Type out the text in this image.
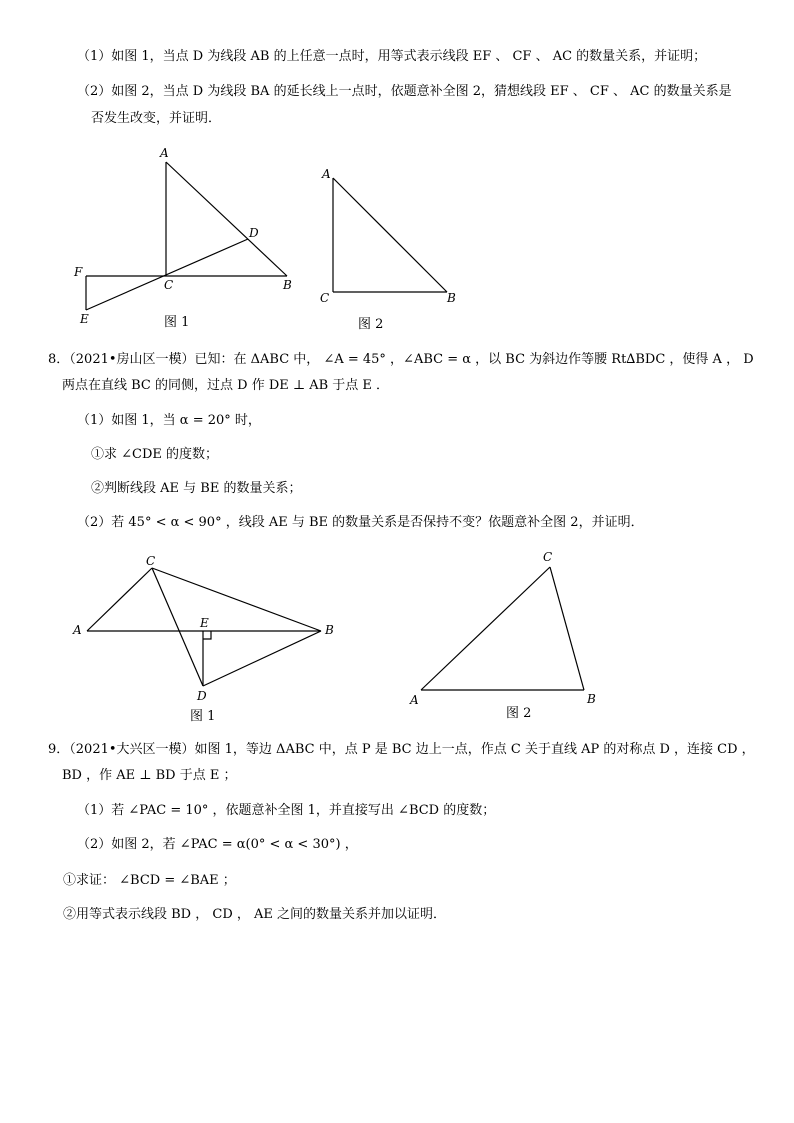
（1）如图 1，当点 D 为线段 AB 的上任意一点时，用等式表示线段 EF 、 CF 、 AC 的数量关系，并证明；
（2）如图 2，当点 D 为线段 BA 的延长线上一点时，依题意补全图 2，猜想线段 EF 、 CF 、 AC 的数量关系是
否发生改变，并证明．
A
D
F
C	B
E	图 1
A
C	B
图 2
8．（2021•房山区一模）已知：在 ΔABC 中， ∠A = 45° ，∠ABC = α ，以 BC 为斜边作等腰 Rt∆BDC ，使得 A ， D
两点在直线 BC 的同侧，过点 D 作 DE ⊥ AB 于点 E ．
（1）如图 1，当 α = 20° 时，
①求 ∠CDE 的度数；
②判断线段 AE 与 BE 的数量关系；
（2）若 45° < α < 90° ，线段 AE 与 BE 的数量关系是否保持不变？依题意补全图 2，并证明．
C
A	E	B
D
图 1
C
A	B
图 2
9．（2021•大兴区一模）如图 1，等边 ΔABC 中，点 P 是 BC 边上一点，作点 C 关于直线 AP 的对称点 D ，连接 CD ，
BD ，作 AE ⊥ BD 于点 E ；
（1）若 ∠PAC = 10° ，依题意补全图 1，并直接写出 ∠BCD 的度数；
（2）如图 2，若 ∠PAC = α(0° < α < 30°) ，
①求证： ∠BCD = ∠BAE ；
②用等式表示线段 BD ， CD ， AE 之间的数量关系并加以证明．
